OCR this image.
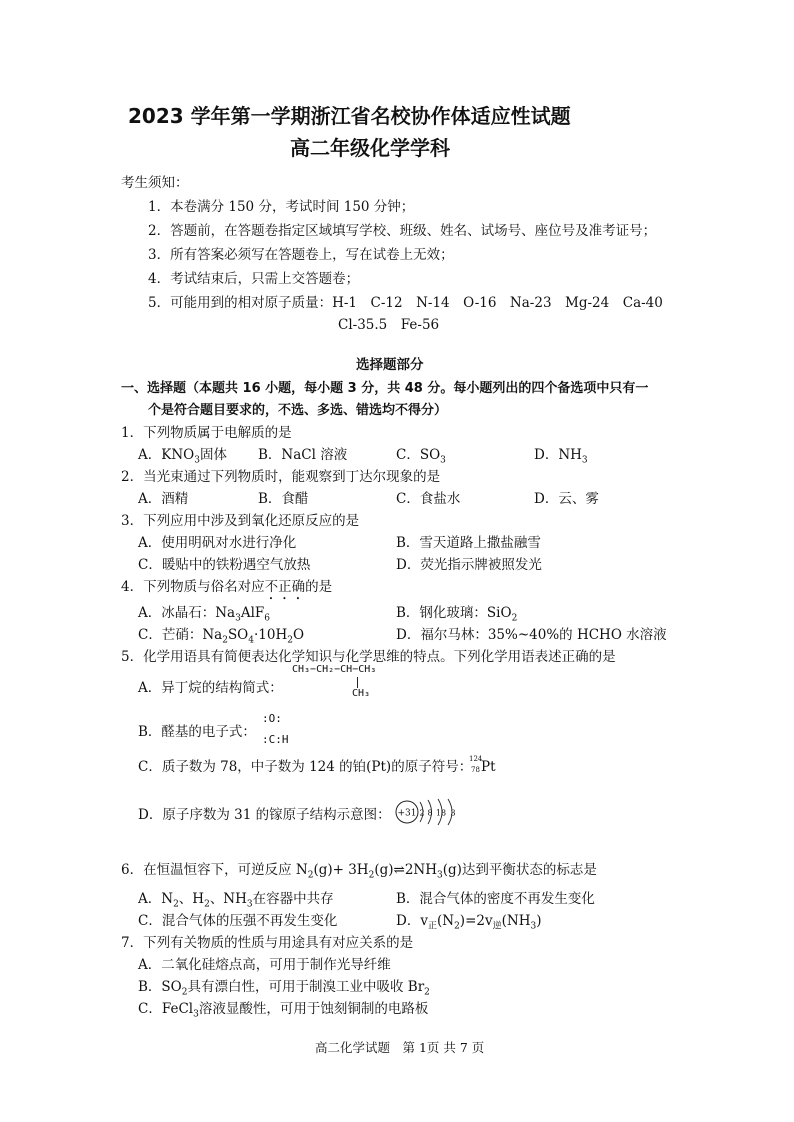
2023 学年第一学期浙江省名校协作体适应性试题
高二年级化学学科
考生须知：
1．本卷满分 150 分，考试时间 150 分钟；
2．答题前，在答题卷指定区域填写学校、班级、姓名、试场号、座位号及准考证号；
3．所有答案必须写在答题卷上，写在试卷上无效；
4．考试结束后，只需上交答题卷；
5．可能用到的相对原子质量：H-1　C-12　N-14　O-16　Na-23　Mg-24　Ca-40
Cl-35.5　Fe-56
选择题部分
一、选择题（本题共 16 小题，每小题 3 分，共 48 分。每小题列出的四个备选项中只有一
个是符合题目要求的，不选、多选、错选均不得分）
1．下列物质属于电解质的是
A．$KNO_3$固体 B．NaCl 溶液	C．$SO_3$	D．$NH_3$
2．当光束通过下列物质时，能观察到丁达尔现象的是
A．酒精	B．食醋	C．食盐水	D．云、雾
3．下列应用中涉及到氧化还原反应的是
A．使用明矾对水进行净化	B．雪天道路上撒盐融雪
C．暖贴中的铁粉遇空气放热	D．荧光指示牌被照发光
4．下列物质与俗名对应不正确的是
A．冰晶石：$Na_3AlF_6$	B．钢化玻璃：SiO$_2$
C．芒硝：$Na_2SO_4\cdot 10H_2O$	D．福尔马林：35%~40%的 HCHO 水溶液
5．化学用语具有简便表达化学知识与化学思维的特点。下列化学用语表述正确的是
A．异丁烷的结构简式：
CH₃−CH₂−CH−CH₃
CH₃
B．醛基的电子式：
:O:
:C:H
C．质子数为 78，中子数为 124 的铂(Pt)的原子符号：
124
78 Pt
D．原子序数为 31 的镓原子结构示意图： +31 2 8 18 3
6．在恒温恒容下，可逆反应 $N_2(g)+$ $3H_2(g)\rightleftharpoons 2NH_3(g)$达到平衡状态的标志是
A．$N_2$、$H_2$、$NH_3$在容器中共存	B．混合气体的密度不再发生变化
C．混合气体的压强不再发生变化	D．$v_正(N_2)=2v_逆(NH_3)$
7．下列有关物质的性质与用途具有对应关系的是
A．二氧化硅熔点高，可用于制作光导纤维
B．$SO_2$具有漂白性，可用于制溴工业中吸收 $Br_2$
C．FeCl$_3$溶液显酸性，可用于蚀刻铜制的电路板
高二化学试题　第 1页 共 7 页
